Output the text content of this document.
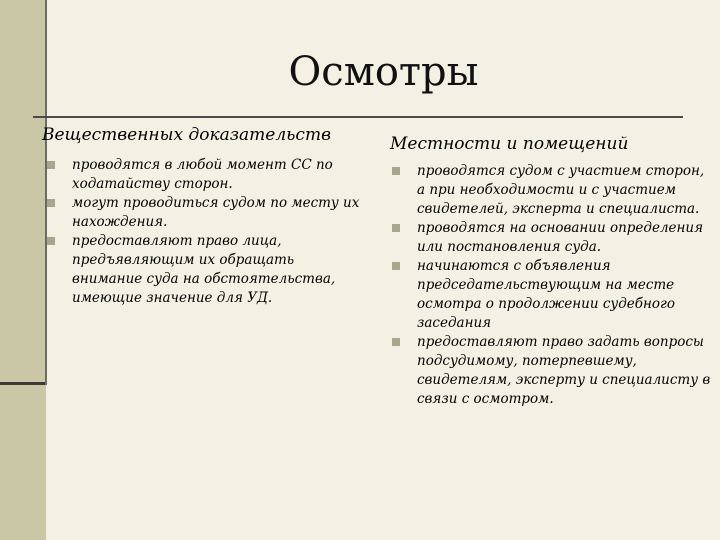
Осмотры
Вещественных доказательств
проводятся в любой момент СС по ходатайству сторон.
могут проводиться судом по месту их нахождения.
предоставляют право лица, предъявляющим их обращать внимание суда на обстоятельства, имеющие значение для УД.
Местности и помещений
проводятся судом с участием сторон, а при необходимости и с участием свидетелей, эксперта и специалиста.
проводятся на основании определения или постановления суда.
начинаются с объявления председательствующим на месте осмотра о продолжении судебного заседания
предоставляют право задать вопросы подсудимому, потерпевшему, свидетелям, эксперту и специалисту в связи с осмотром.
